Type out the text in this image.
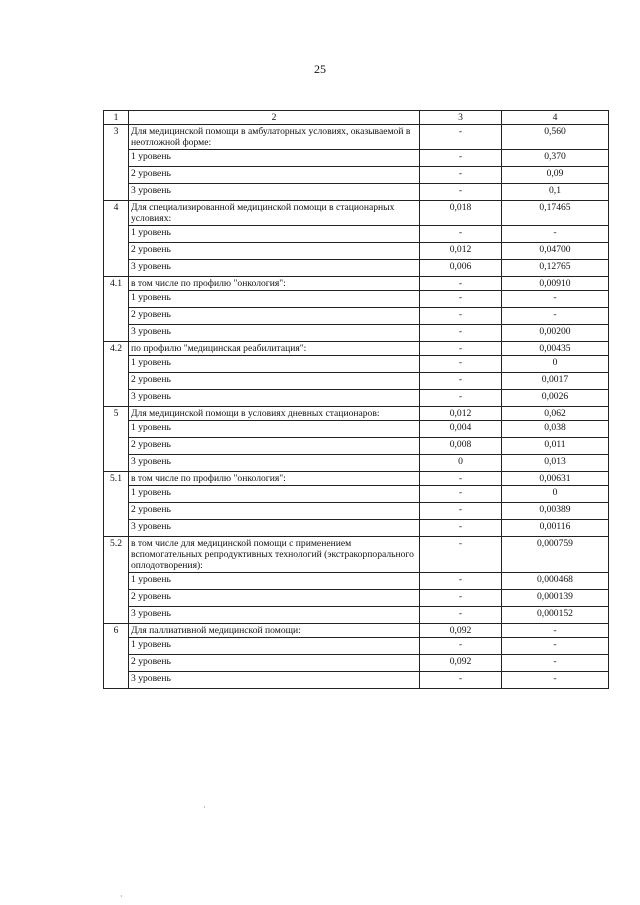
25
1	2	3	4
3	Для медицинской помощи в амбулаторных условиях, оказываемой в неотложной форме:	-	0,560
	1 уровень	-	0,370
	2 уровень	-	0,09
	3 уровень	-	0,1
4	Для специализированной медицинской помощи в стационарных условиях:	0,018	0,17465
	1 уровень	-	-
	2 уровень	0,012	0,04700
	3 уровень	0,006	0,12765
4.1	в том числе по профилю "онкология":	-	0,00910
	1 уровень	-	-
	2 уровень	-	-
	3 уровень	-	0,00200
4.2	по профилю "медицинская реабилитация":	-	0,00435
	1 уровень	-	0
	2 уровень	-	0,0017
	3 уровень	-	0,0026
5	Для медицинской помощи в условиях дневных стационаров:	0,012	0,062
	1 уровень	0,004	0,038
	2 уровень	0,008	0,011
	3 уровень	0	0,013
5.1	в том числе по профилю "онкология":	-	0,00631
	1 уровень	-	0
	2 уровень	-	0,00389
	3 уровень	-	0,00116
5.2	в том числе для медицинской помощи с применением вспомогательных репродуктивных технологий (экстракорпорального оплодотворения):	-	0,000759
	1 уровень	-	0,000468
	2 уровень	-	0,000139
	3 уровень	-	0,000152
6	Для паллиативной медицинской помощи:	0,092	-
	1 уровень	-	-
	2 уровень	0,092	-
	3 уровень	-	-
·
·
